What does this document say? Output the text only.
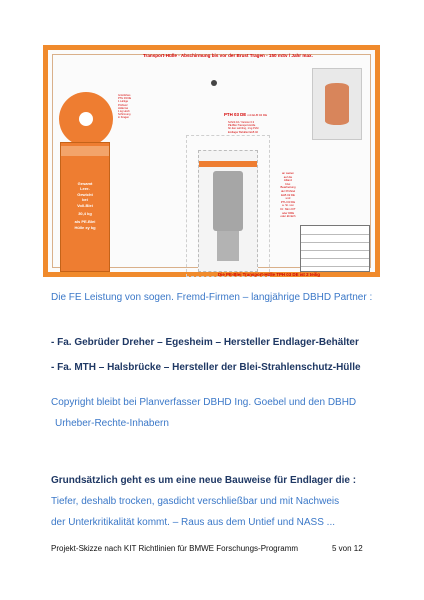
Transport-Hülle - Abschirmung bis vor der Brust Tragen - 150 mSv / Jahr max.
Grünliches
PTH 03 DE
1 Lärtige
Prüfnetz
Hülle bei
1 kg Hoch
Schirmung
in Kragen
PTH 03 DE mit ELB 02 DE
Schritt 16 / Version 0.3
PE-Blei-Transport-Hülle
für den Lehrling, 1 kg PLM
Endlager Behälter ELB 02
Gesamt
Leer-
Gewicht
bei
Voll-Blei
30,4 kg
als PE-Blei
Hülle xy kg
an weiten
auf die
Allianz
bzw.
Bearbeitung
der Prüfstel
ELB 02 DE
und
PTH 03 DE
a. St. von
Dr. Nkm KIT
oder DRE
oder ähnlich
Die PE-Blei Transport-Hülle TPH 03 DE ist 2 teilig
Die FE Leistung von sogen. Fremd-Firmen – langjährige DBHD Partner :
- Fa. Gebrüder Dreher – Egesheim – Hersteller Endlager-Behälter
- Fa. MTH – Halsbrücke – Hersteller der Blei-Strahlenschutz-Hülle
Copyright bleibt bei Planverfasser DBHD Ing. Goebel und den DBHD
Urheber-Rechte-Inhabern
Grundsätzlich geht es um eine neue Bauweise für Endlager die :
Tiefer, deshalb trocken, gasdicht verschließbar und mit Nachweis
der Unterkritikalität kommt. – Raus aus dem Untief und NASS ...
Projekt-Skizze nach KIT Richtlinien für BMWE Forschungs-Programm	5 von 12
